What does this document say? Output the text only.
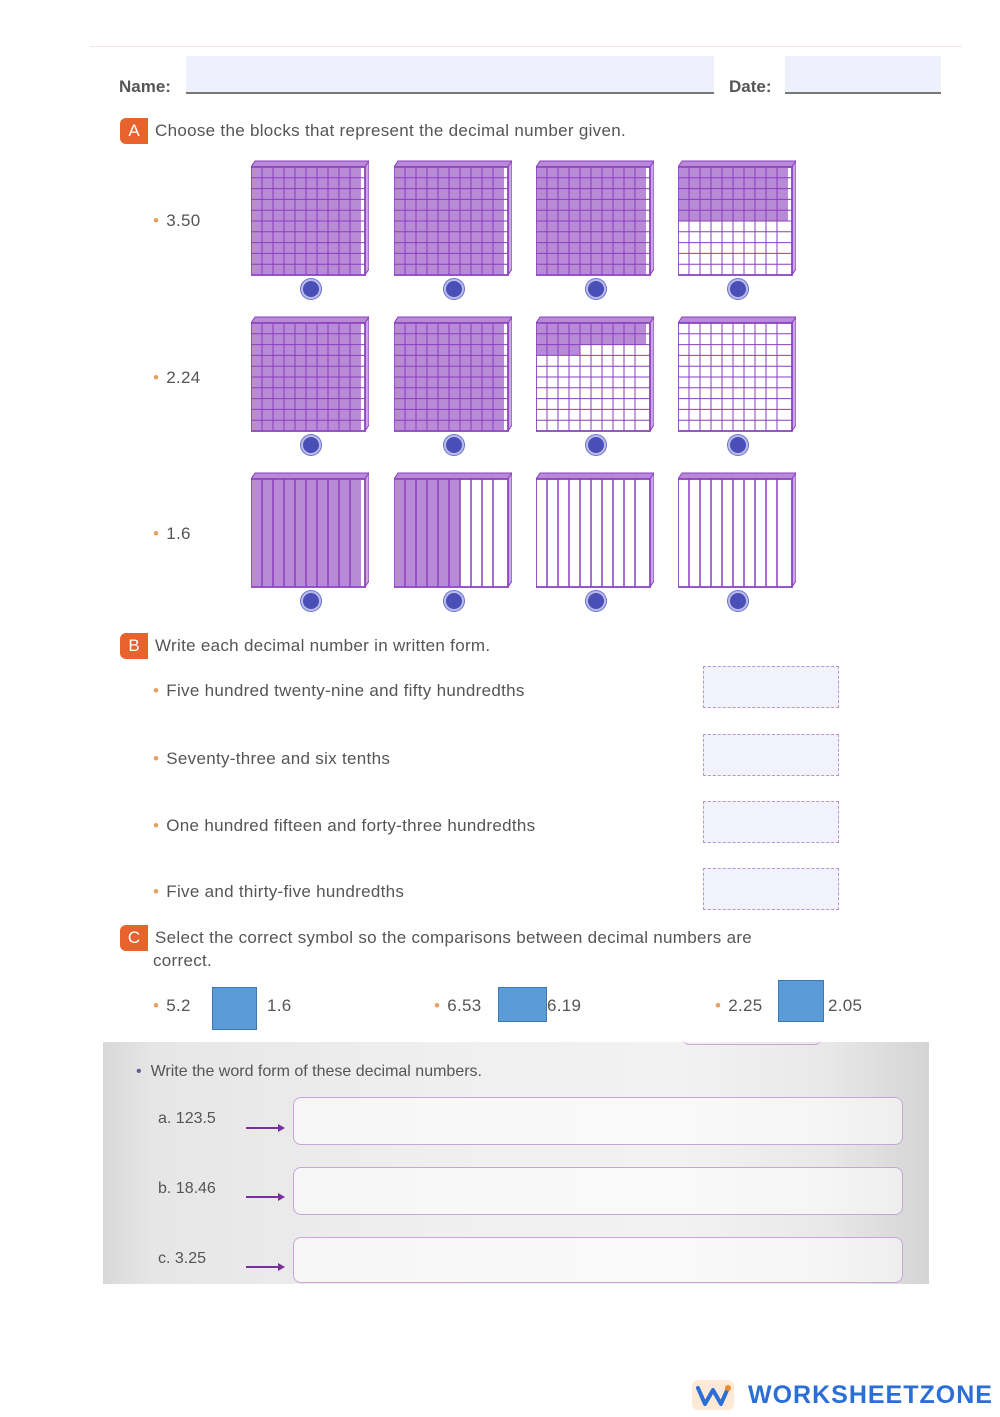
Name:	Date:
A Choose the blocks that represent the decimal number given.
• 3.50
• 2.24
• 1.6
B Write each decimal number in written form.
• Five hundred twenty-nine and fifty hundredths
• Seventy-three and six tenths
• One hundred fifteen and forty-three hundredths
• Five and thirty-five hundredths
C Select the correct symbol so the comparisons between decimal numbers are
correct.
• 5.2	1.6	• 6.53	6.19	• 2.25	2.05
• Write the word form of these decimal numbers.
a. 123.5
b. 18.46
c. 3.25
WORKSHEETZONE
